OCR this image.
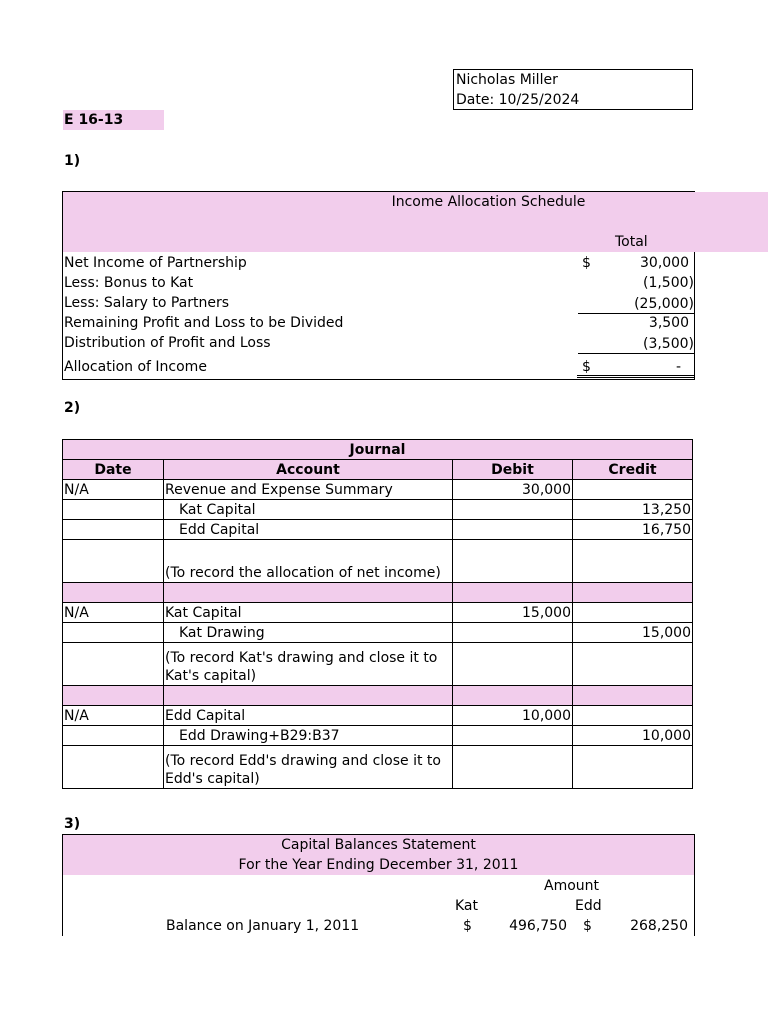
Nicholas Miller
Date: 10/25/2024
E 16-13
1)
2)
3)
Income Allocation Schedule
Total
Net Income of Partnership	$	30,000
Less: Bonus to Kat	(1,500)
Less: Salary to Partners	(25,000)
Remaining Profit and Loss to be Divided	3,500
Distribution of Profit and Loss	(3,500)
Allocation of Income	$	-
Journal			
Date	Account	Debit	Credit
N/A	Revenue and Expense Summary	30,000	
	Kat Capital		13,250
	Edd Capital		16,750
	(To record the allocation of net income)		

N/A	Kat Capital	15,000	
	Kat Drawing		15,000
	(To record Kat's drawing and close it to Kat's capital)		

N/A	Edd Capital	10,000	
	Edd Drawing+B29:B37		10,000
	(To record Edd's drawing and close it to Edd's capital)		
Capital Balances Statement
For the Year Ending December 31, 2011
Amount
Kat	Edd
Balance on January 1, 2011	$	496,750 $	268,250
